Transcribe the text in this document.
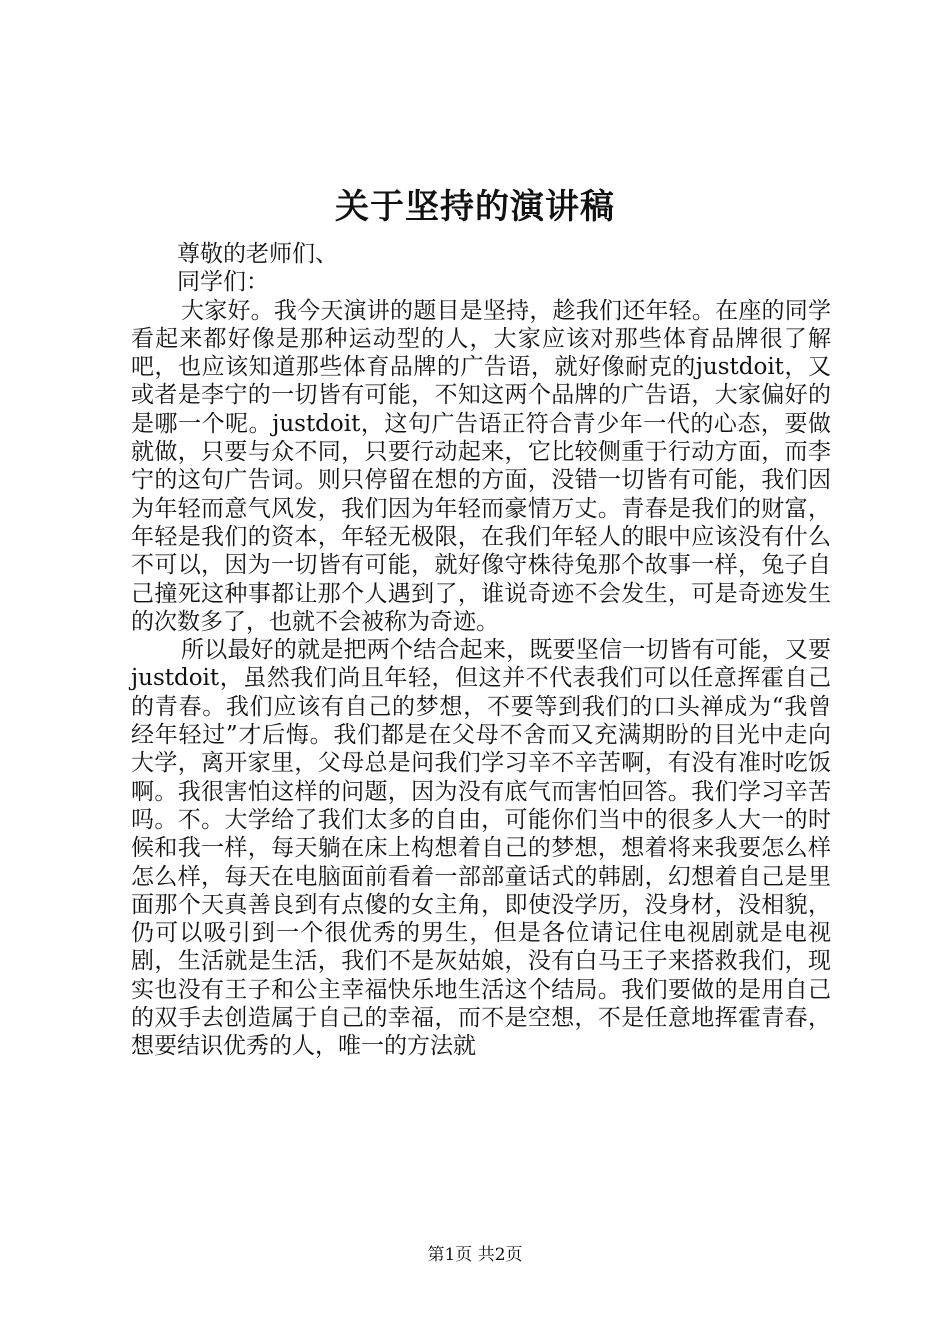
关于坚持的演讲稿

尊敬的老师们、

同学们：

大家好。我今天演讲的题目是坚持，趁我们还年轻。在座的同学看起来都好像是那种运动型的人，大家应该对那些体育品牌很了解吧，也应该知道那些体育品牌的广告语，就好像耐克的justdoit，又或者是李宁的一切皆有可能，不知这两个品牌的广告语，大家偏好的是哪一个呢。justdoit，这句广告语正符合青少年一代的心态，要做就做，只要与众不同，只要行动起来，它比较侧重于行动方面，而李宁的这句广告词。则只停留在想的方面，没错一切皆有可能，我们因为年轻而意气风发，我们因为年轻而豪情万丈。青春是我们的财富，年轻是我们的资本，年轻无极限，在我们年轻人的眼中应该没有什么不可以，因为一切皆有可能，就好像守株待兔那个故事一样，兔子自己撞死这种事都让那个人遇到了，谁说奇迹不会发生，可是奇迹发生的次数多了，也就不会被称为奇迹。

所以最好的就是把两个结合起来，既要坚信一切皆有可能，又要justdoit，虽然我们尚且年轻，但这并不代表我们可以任意挥霍自己的青春。我们应该有自己的梦想，不要等到我们的口头禅成为“我曾经年轻过”才后悔。我们都是在父母不舍而又充满期盼的目光中走向大学，离开家里，父母总是问我们学习辛不辛苦啊，有没有准时吃饭啊。我很害怕这样的问题，因为没有底气而害怕回答。我们学习辛苦吗。不。大学给了我们太多的自由，可能你们当中的很多人大一的时候和我一样，每天躺在床上构想着自己的梦想，想着将来我要怎么样怎么样，每天在电脑面前看着一部部童话式的韩剧，幻想着自己是里面那个天真善良到有点傻的女主角，即使没学历，没身材，没相貌，仍可以吸引到一个很优秀的男生，但是各位请记住电视剧就是电视剧，生活就是生活，我们不是灰姑娘，没有白马王子来搭救我们，现实也没有王子和公主幸福快乐地生活这个结局。我们要做的是用自己的双手去创造属于自己的幸福，而不是空想，不是任意地挥霍青春，想要结识优秀的人，唯一的方法就

第1页 共2页
